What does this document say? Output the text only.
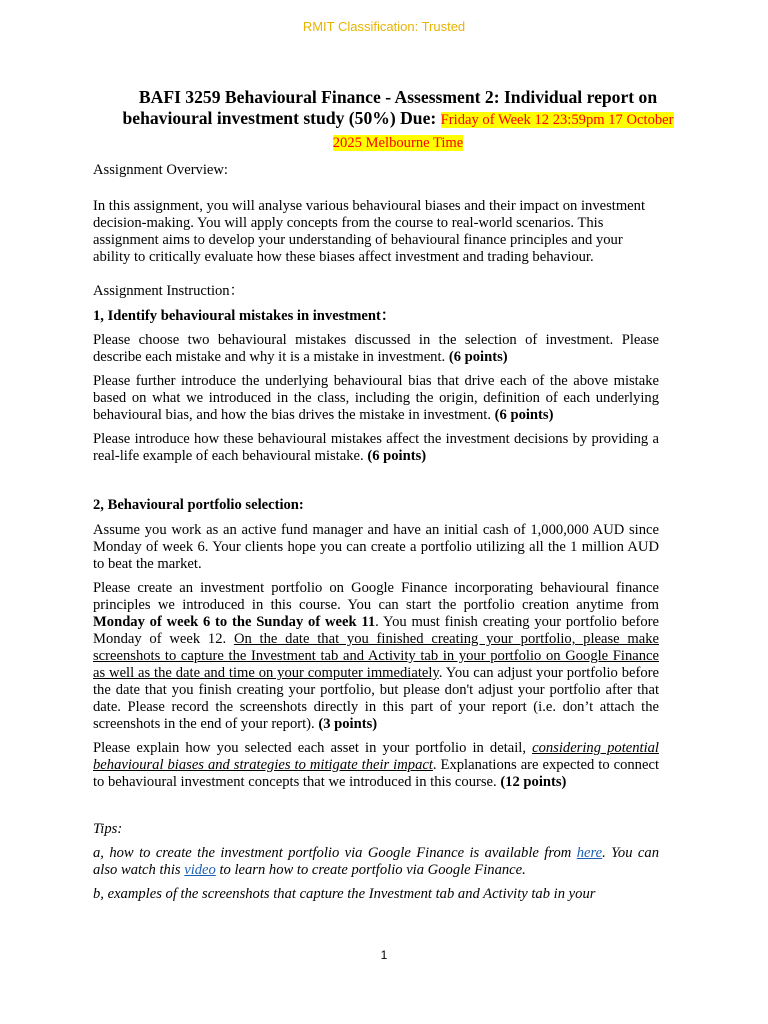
RMIT Classification: Trusted
BAFI 3259 Behavioural Finance - Assessment 2: Individual report on behavioural investment study (50%) Due: Friday of Week 12 23:59pm 17 October 2025 Melbourne Time

Assignment Overview:

In this assignment, you will analyse various behavioural biases and their impact on investment decision-making. You will apply concepts from the course to real-world scenarios. This assignment aims to develop your understanding of behavioural finance principles and your ability to critically evaluate how these biases affect investment and trading behaviour.

Assignment Instruction：

1, Identify behavioural mistakes in investment：

Please choose two behavioural mistakes discussed in the selection of investment. Please describe each mistake and why it is a mistake in investment. (6 points)

Please further introduce the underlying behavioural bias that drive each of the above mistake based on what we introduced in the class, including the origin, definition of each underlying behavioural bias, and how the bias drives the mistake in investment. (6 points)

Please introduce how these behavioural mistakes affect the investment decisions by providing a real-life example of each behavioural mistake. (6 points)

2, Behavioural portfolio selection:

Assume you work as an active fund manager and have an initial cash of 1,000,000 AUD since Monday of week 6. Your clients hope you can create a portfolio utilizing all the 1 million AUD to beat the market.

Please create an investment portfolio on Google Finance incorporating behavioural finance principles we introduced in this course. You can start the portfolio creation anytime from Monday of week 6 to the Sunday of week 11. You must finish creating your portfolio before Monday of week 12. On the date that you finished creating your portfolio, please make screenshots to capture the Investment tab and Activity tab in your portfolio on Google Finance as well as the date and time on your computer immediately. You can adjust your portfolio before the date that you finish creating your portfolio, but please don't adjust your portfolio after that date. Please record the screenshots directly in this part of your report (i.e. don’t attach the screenshots in the end of your report). (3 points)

Please explain how you selected each asset in your portfolio in detail, considering potential behavioural biases and strategies to mitigate their impact. Explanations are expected to connect to behavioural investment concepts that we introduced in this course. (12 points)

Tips:

a, how to create the investment portfolio via Google Finance is available from here. You can also watch this video to learn how to create portfolio via Google Finance.

b, examples of the screenshots that capture the Investment tab and Activity tab in your

1
